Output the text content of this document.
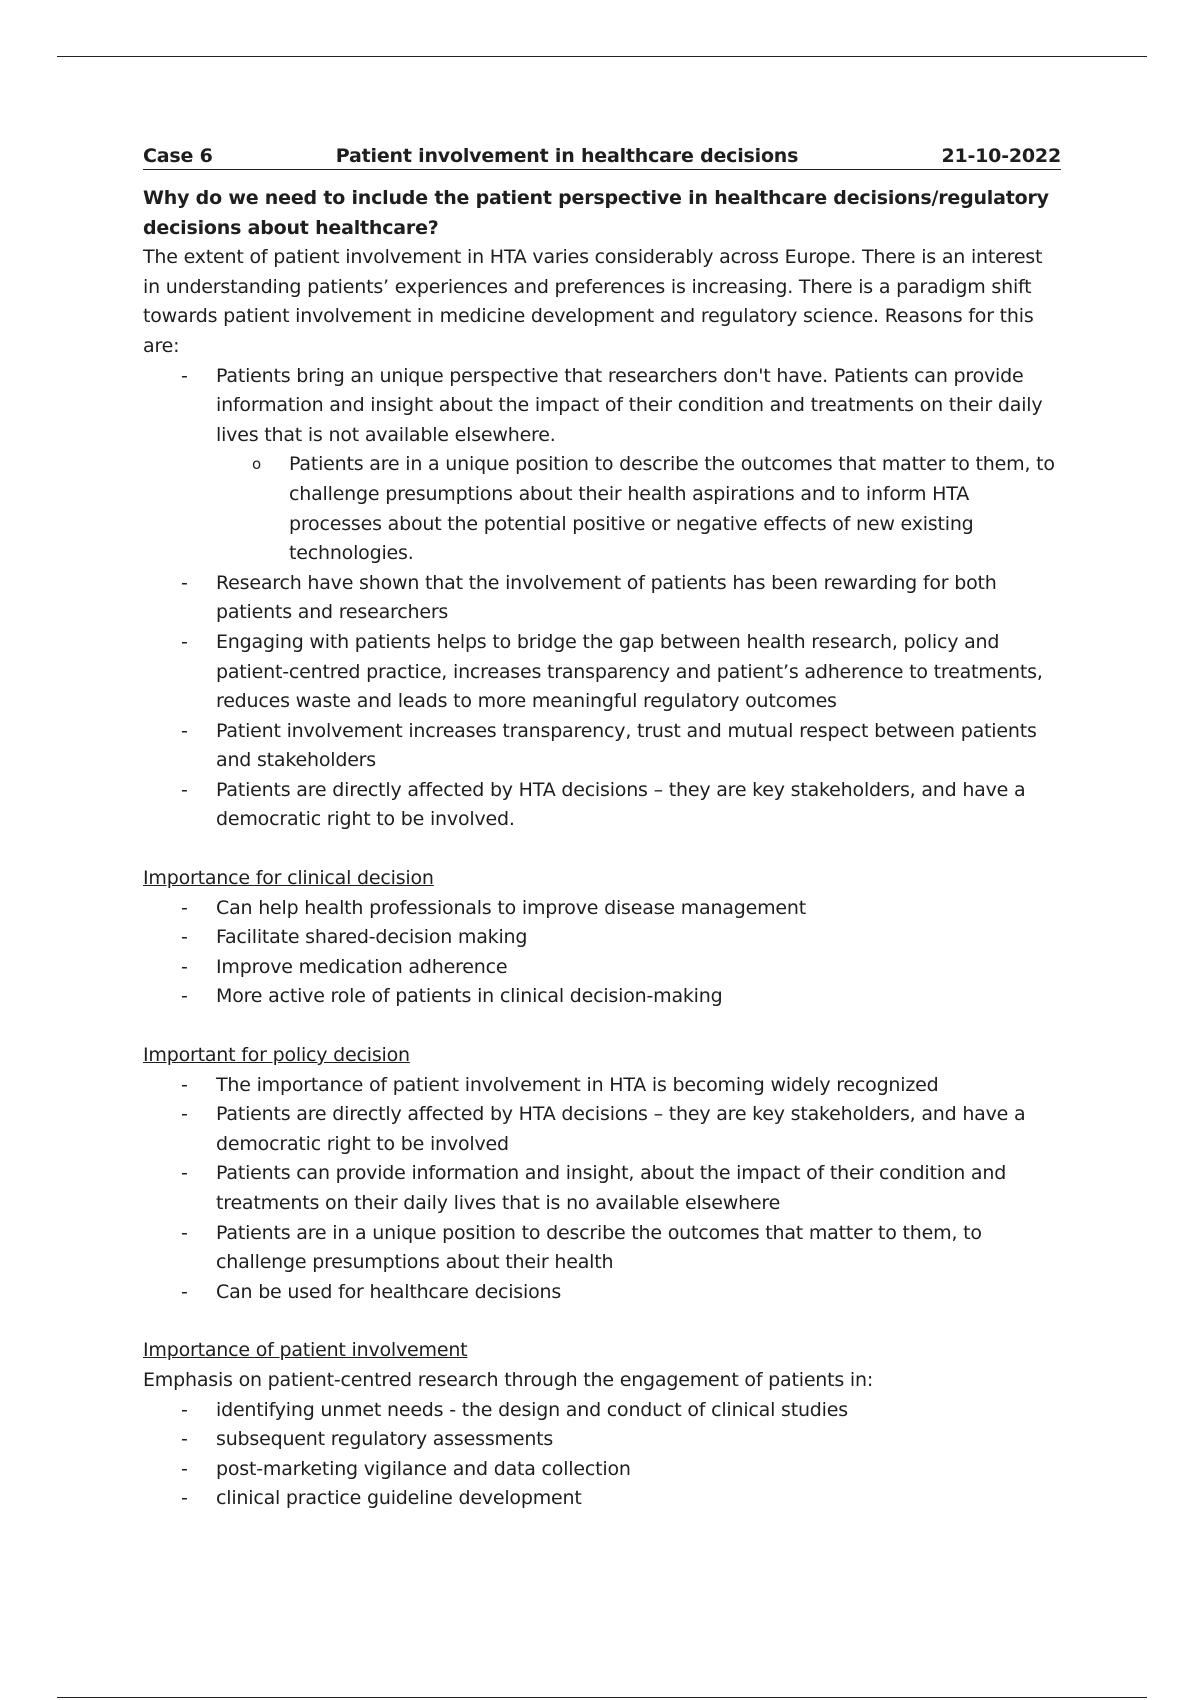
Case 6	Patient involvement in healthcare decisions	21-10-2022

Why do we need to include the patient perspective in healthcare decisions/regulatory decisions about healthcare?

The extent of patient involvement in HTA varies considerably across Europe. There is an interest in understanding patients’ experiences and preferences is increasing. There is a paradigm shift towards patient involvement in medicine development and regulatory science. Reasons for this are:

- Patients bring an unique perspective that researchers don't have. Patients can provide information and insight about the impact of their condition and treatments on their daily lives that is not available elsewhere.
o Patients are in a unique position to describe the outcomes that matter to them, to challenge presumptions about their health aspirations and to inform HTA processes about the potential positive or negative effects of new existing technologies.
- Research have shown that the involvement of patients has been rewarding for both patients and researchers
- Engaging with patients helps to bridge the gap between health research, policy and patient-centred practice, increases transparency and patient’s adherence to treatments, reduces waste and leads to more meaningful regulatory outcomes
- Patient involvement increases transparency, trust and mutual respect between patients and stakeholders
- Patients are directly affected by HTA decisions – they are key stakeholders, and have a democratic right to be involved.

Importance for clinical decision

- Can help health professionals to improve disease management
- Facilitate shared-decision making
- Improve medication adherence
- More active role of patients in clinical decision-making

Important for policy decision

- The importance of patient involvement in HTA is becoming widely recognized
- Patients are directly affected by HTA decisions – they are key stakeholders, and have a democratic right to be involved
- Patients can provide information and insight, about the impact of their condition and treatments on their daily lives that is no available elsewhere
- Patients are in a unique position to describe the outcomes that matter to them, to challenge presumptions about their health
- Can be used for healthcare decisions

Importance of patient involvement

Emphasis on patient-centred research through the engagement of patients in:

- identifying unmet needs - the design and conduct of clinical studies
- subsequent regulatory assessments
- post-marketing vigilance and data collection
- clinical practice guideline development
